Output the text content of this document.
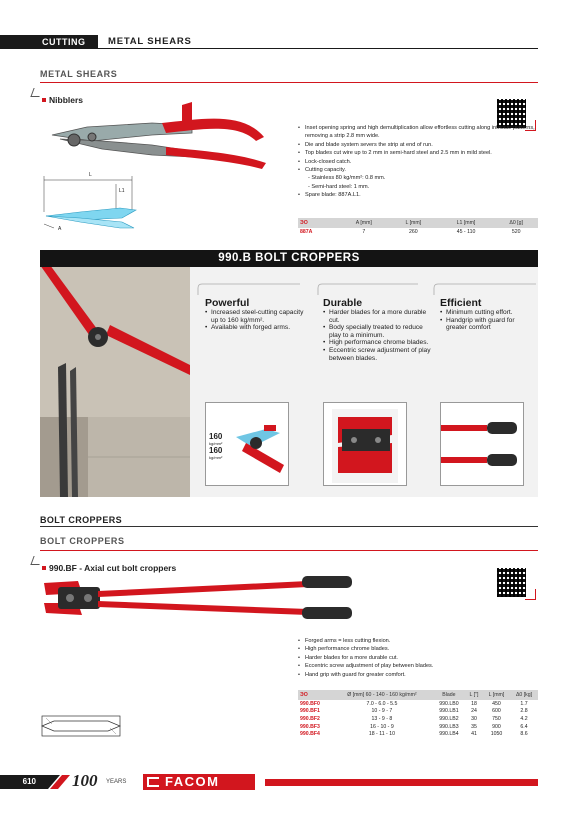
CUTTING	METAL SHEARS
METAL SHEARS
Nibblers
L
L1
A
• Inset opening spring and high demultiplication allow effortless cutting along intricate patterns, removing a strip 2.8 mm wide.
• Die and blade system severs the strip at end of run.
• Top blades cut wire up to 2 mm in semi-hard steel and 2.5 mm in mild steel.
• Lock-closed catch.
• Cutting capacity.
- Stainless 80 kg/mm²: 0.8 mm.
- Semi-hard steel: 1 mm.
• Spare blade: 887A.L1.
ЭО	A [mm]	L [mm]	L1 [mm]	Δ0 [g]
887A	7	260	45 - 110	520
990.B BOLT CROPPERS
Powerful
• Increased steel-cutting capacity up to 160 kg/mm².
• Available with forged arms.
Durable
• Harder blades for a more durable cut.
• Body specially treated to reduce play to a minimum.
• High performance chrome blades.
• Eccentric screw adjustment of play between blades.
Efficient
• Minimum cutting effort.
• Handgrip with guard for greater comfort
160
kg/mm²
160
kg/mm²
BOLT CROPPERS
BOLT CROPPERS
990.BF - Axial cut bolt croppers
• Forged arms = less cutting flexion.
• High performance chrome blades.
• Harder blades for a more durable cut.
• Eccentric screw adjustment of play between blades.
• Hand grip with guard for greater comfort.
ЭО	Ø [mm] 60 - 140 - 160 kg/mm²	Blade	L ["]	L [mm]	Δ0 [kg]
990.BF0	7.0 - 6.0 - 5.5	990.LB0	18	450	1.7
990.BF1	10 - 9 - 7	990.LB1	24	600	2.8
990.BF2	13 - 9 - 8	990.LB2	30	750	4.2
990.BF3	16 - 10 - 9	990.LB3	35	900	6.4
990.BF4	18 - 11 - 10	990.LB4	41	1050	8.6
610 100 YEARS	FACOM
